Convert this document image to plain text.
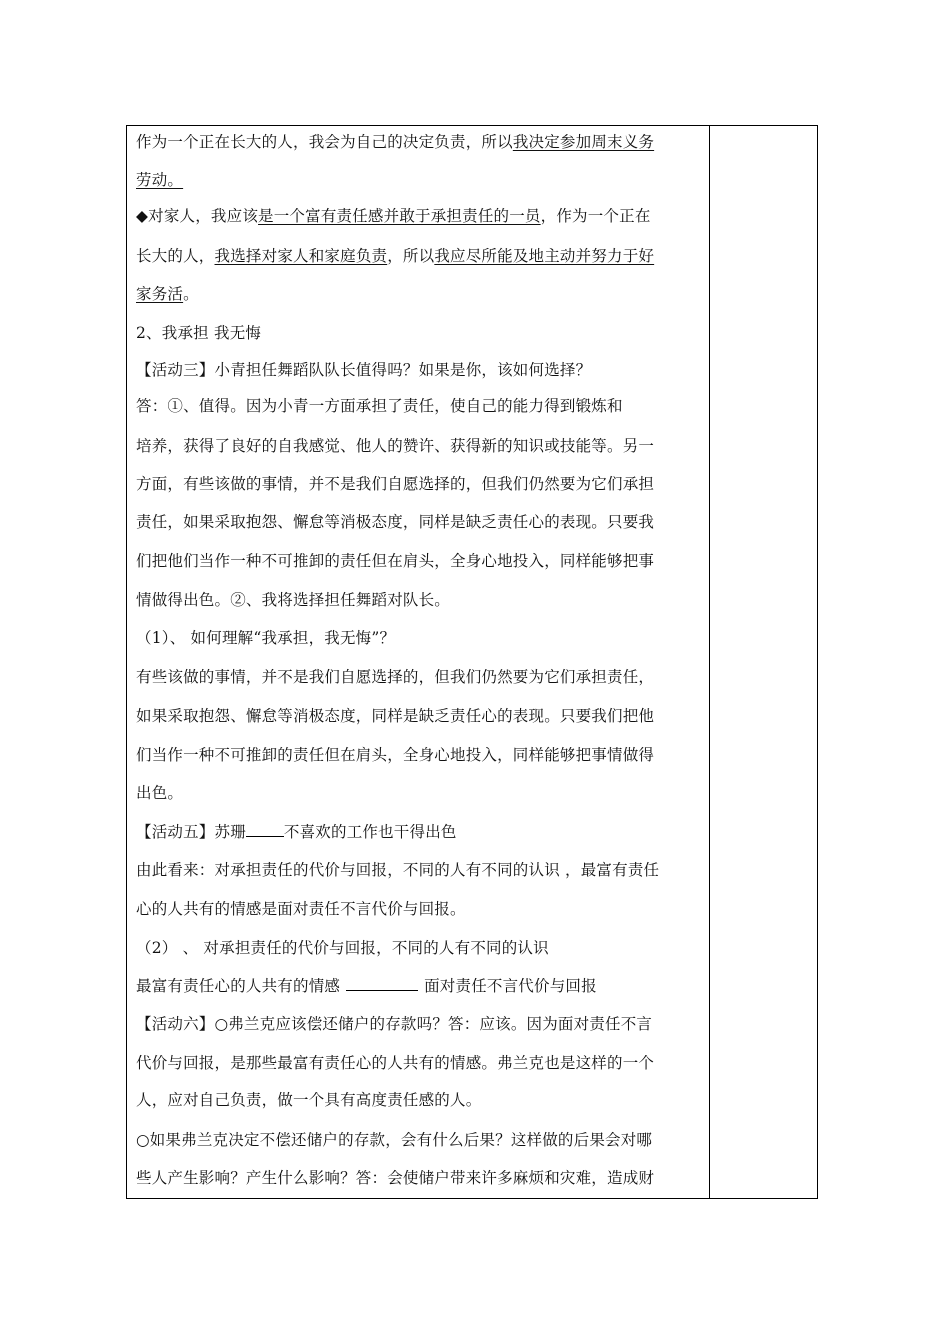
作为一个正在长大的人，我会为自己的决定负责，所以我决定参加周末义务
劳动。
◆对家人，我应该是一个富有责任感并敢于承担责任的一员，作为一个正在
长大的人，我选择对家人和家庭负责，所以我应尽所能及地主动并努力于好
家务活。
2、我承担 我无悔
【活动三】小青担任舞蹈队队长值得吗？如果是你，该如何选择？
答：①、值得。因为小青一方面承担了责任，使自己的能力得到锻炼和
培养，获得了良好的自我感觉、他人的赞许、获得新的知识或技能等。另一
方面，有些该做的事情，并不是我们自愿选择的，但我们仍然要为它们承担
责任，如果采取抱怨、懈怠等消极态度，同样是缺乏责任心的表现。只要我
们把他们当作一种不可推卸的责任但在肩头，全身心地投入，同样能够把事
情做得出色。②、我将选择担任舞蹈对队长。
（1）、 如何理解“我承担，我无悔”？
有些该做的事情，并不是我们自愿选择的，但我们仍然要为它们承担责任，
如果采取抱怨、懈怠等消极态度，同样是缺乏责任心的表现。只要我们把他
们当作一种不可推卸的责任但在肩头，全身心地投入，同样能够把事情做得
出色。
【活动五】苏珊 不喜欢的工作也干得出色
由此看来：对承担责任的代价与回报，不同的人有不同的认识 ，最富有责任
心的人共有的情感是面对责任不言代价与回报。
（2） 、 对承担责任的代价与回报，不同的人有不同的认识
最富有责任心的人共有的情感	面对责任不言代价与回报
【活动六】○弗兰克应该偿还储户的存款吗？答：应该。因为面对责任不言
代价与回报，是那些最富有责任心的人共有的情感。弗兰克也是这样的一个
人，应对自己负责，做一个具有高度责任感的人。
○如果弗兰克决定不偿还储户的存款，会有什么后果？这样做的后果会对哪
些人产生影响？产生什么影响？答：会使储户带来许多麻烦和灾难，造成财
